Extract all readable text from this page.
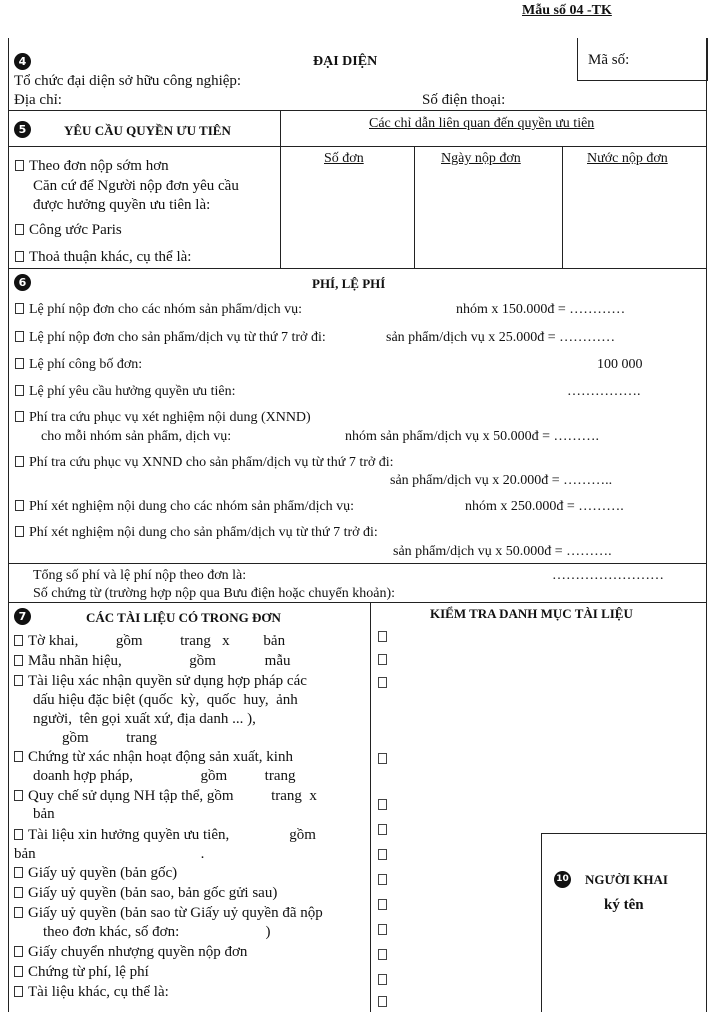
Mẫu số 04 -TK
Mã số:
4	ĐẠI DIỆN
Tổ chức đại diện sở hữu công nghiệp:
Địa chỉ:	Số điện thoại:
5	YÊU CẦU QUYỀN ƯU TIÊN	Các chỉ dẫn liên quan đến quyền ưu tiên
Số đơn	Ngày nộp đơn	Nước nộp đơn
Theo đơn nộp sớm hơn
Căn cứ để Người nộp đơn yêu cầu
được hưởng quyền ưu tiên là:
Công ước Paris
Thoả thuận khác, cụ thể là:
6	PHÍ, LỆ PHÍ
Lệ phí nộp đơn cho các nhóm sản phẩm/dịch vụ:	nhóm x 150.000đ = …………
Lệ phí nộp đơn cho sản phẩm/dịch vụ từ thứ 7 trở đi:	sản phẩm/dịch vụ x 25.000đ = …………
Lệ phí công bố đơn:	100 000
Lệ phí yêu cầu hưởng quyền ưu tiên:	…………….
Phí tra cứu phục vụ xét nghiệm nội dung (XNND)
cho mỗi nhóm sản phẩm, dịch vụ:	nhóm sản phẩm/dịch vụ x 50.000đ = ……….
Phí tra cứu phục vụ XNND cho sản phẩm/dịch vụ từ thứ 7 trở đi:
sản phẩm/dịch vụ x 20.000đ = ………..
Phí xét nghiệm nội dung cho các nhóm sản phẩm/dịch vụ:	nhóm x 250.000đ = ……….
Phí xét nghiệm nội dung cho sản phẩm/dịch vụ từ thứ 7 trở đi:
sản phẩm/dịch vụ x 50.000đ = ……….
Tổng số phí và lệ phí nộp theo đơn là:	……………………
Số chứng từ (trường hợp nộp qua Bưu điện hoặc chuyển khoản):
7	CÁC TÀI LIỆU CÓ TRONG ĐƠN	KIỂM TRA DANH MỤC TÀI LIỆU
Tờ khai,          gồm          trang   x         bản
Mẫu nhãn hiệu,                  gồm             mẫu
Tài liệu xác nhận quyền sử dụng hợp pháp các
dấu hiệu đặc biệt (quốc  kỳ,  quốc  huy,  ảnh
người,  tên gọi xuất xứ, địa danh ... ),
gồm          trang
Chứng từ xác nhận hoạt động sản xuất, kinh
doanh hợp pháp,                  gồm          trang
Quy chế sử dụng NH tập thể, gồm          trang  x
bản
Tài liệu xin hưởng quyền ưu tiên,                gồm
bản                                            .
Giấy uỷ quyền (bản gốc)
Giấy uỷ quyền (bản sao, bản gốc gửi sau)
Giấy uỷ quyền (bản sao từ Giấy uỷ quyền đã nộp
theo đơn khác, số đơn:                       )
Giấy chuyển nhượng quyền nộp đơn
Chứng từ phí, lệ phí
Tài liệu khác, cụ thể là:
10 NGƯỜI KHAI
ký tên
